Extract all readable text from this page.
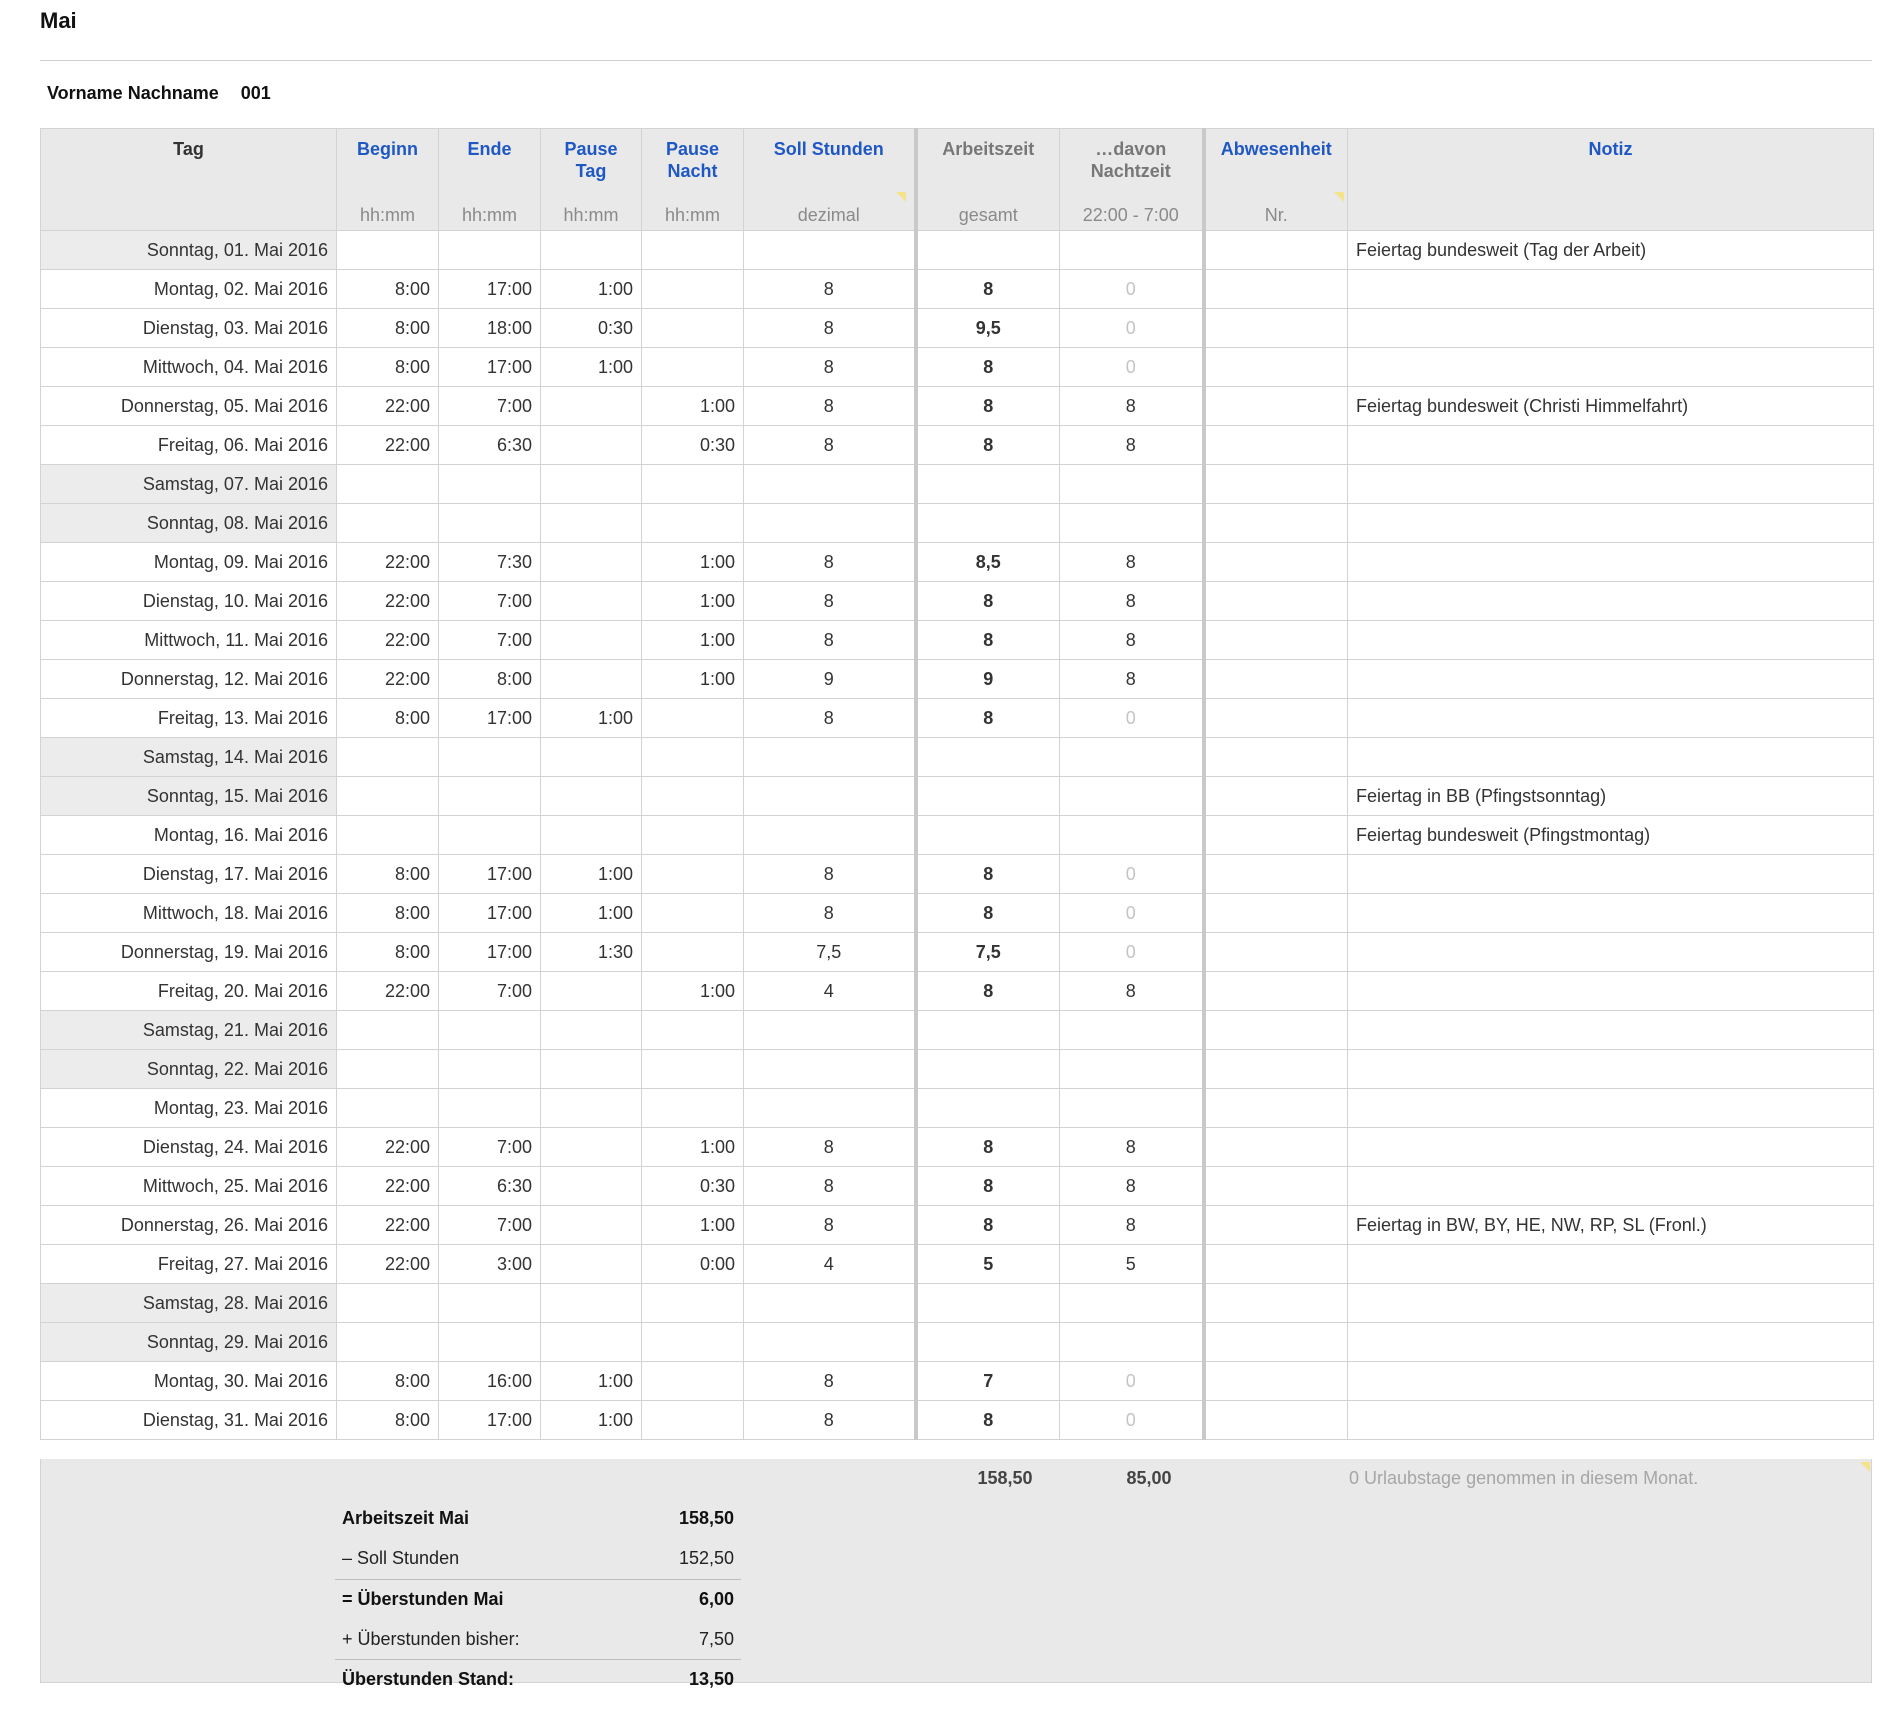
Mai
Vorname Nachname 001
Tag	Beginn	Ende	Pause Tag	Pause Nacht	Soll Stunden	Arbeitszeit	…davon Nachtzeit	Abwesenheit	Notiz
	hh:mm	hh:mm	hh:mm	hh:mm	dezimal	gesamt	22:00 - 7:00	Nr.	
Sonntag, 01. Mai 2016									Feiertag bundesweit (Tag der Arbeit)
Montag, 02. Mai 2016	8:00	17:00	1:00		8	8	0		
Dienstag, 03. Mai 2016	8:00	18:00	0:30		8	9,5	0		
Mittwoch, 04. Mai 2016	8:00	17:00	1:00		8	8	0		
Donnerstag, 05. Mai 2016	22:00	7:00		1:00	8	8	8		Feiertag bundesweit (Christi Himmelfahrt)
Freitag, 06. Mai 2016	22:00	6:30		0:30	8	8	8		
Samstag, 07. Mai 2016									
Sonntag, 08. Mai 2016									
Montag, 09. Mai 2016	22:00	7:30		1:00	8	8,5	8		
Dienstag, 10. Mai 2016	22:00	7:00		1:00	8	8	8		
Mittwoch, 11. Mai 2016	22:00	7:00		1:00	8	8	8		
Donnerstag, 12. Mai 2016	22:00	8:00		1:00	9	9	8		
Freitag, 13. Mai 2016	8:00	17:00	1:00		8	8	0		
Samstag, 14. Mai 2016									
Sonntag, 15. Mai 2016									Feiertag in BB (Pfingstsonntag)
Montag, 16. Mai 2016									Feiertag bundesweit (Pfingstmontag)
Dienstag, 17. Mai 2016	8:00	17:00	1:00		8	8	0		
Mittwoch, 18. Mai 2016	8:00	17:00	1:00		8	8	0		
Donnerstag, 19. Mai 2016	8:00	17:00	1:30		7,5	7,5	0		
Freitag, 20. Mai 2016	22:00	7:00		1:00	4	8	8		
Samstag, 21. Mai 2016									
Sonntag, 22. Mai 2016									
Montag, 23. Mai 2016									
Dienstag, 24. Mai 2016	22:00	7:00		1:00	8	8	8		
Mittwoch, 25. Mai 2016	22:00	6:30		0:30	8	8	8		
Donnerstag, 26. Mai 2016	22:00	7:00		1:00	8	8	8		Feiertag in BW, BY, HE, NW, RP, SL (Fronl.)
Freitag, 27. Mai 2016	22:00	3:00		0:00	4	5	5		
Samstag, 28. Mai 2016									
Sonntag, 29. Mai 2016									
Montag, 30. Mai 2016	8:00	16:00	1:00		8	7	0		
Dienstag, 31. Mai 2016	8:00	17:00	1:00		8	8	0		
158,50	85,00	0 Urlaubstage genommen in diesem Monat.
Arbeitszeit Mai	158,50
– Soll Stunden	152,50
= Überstunden Mai	6,00
+ Überstunden bisher:	7,50
Überstunden Stand:	13,50
